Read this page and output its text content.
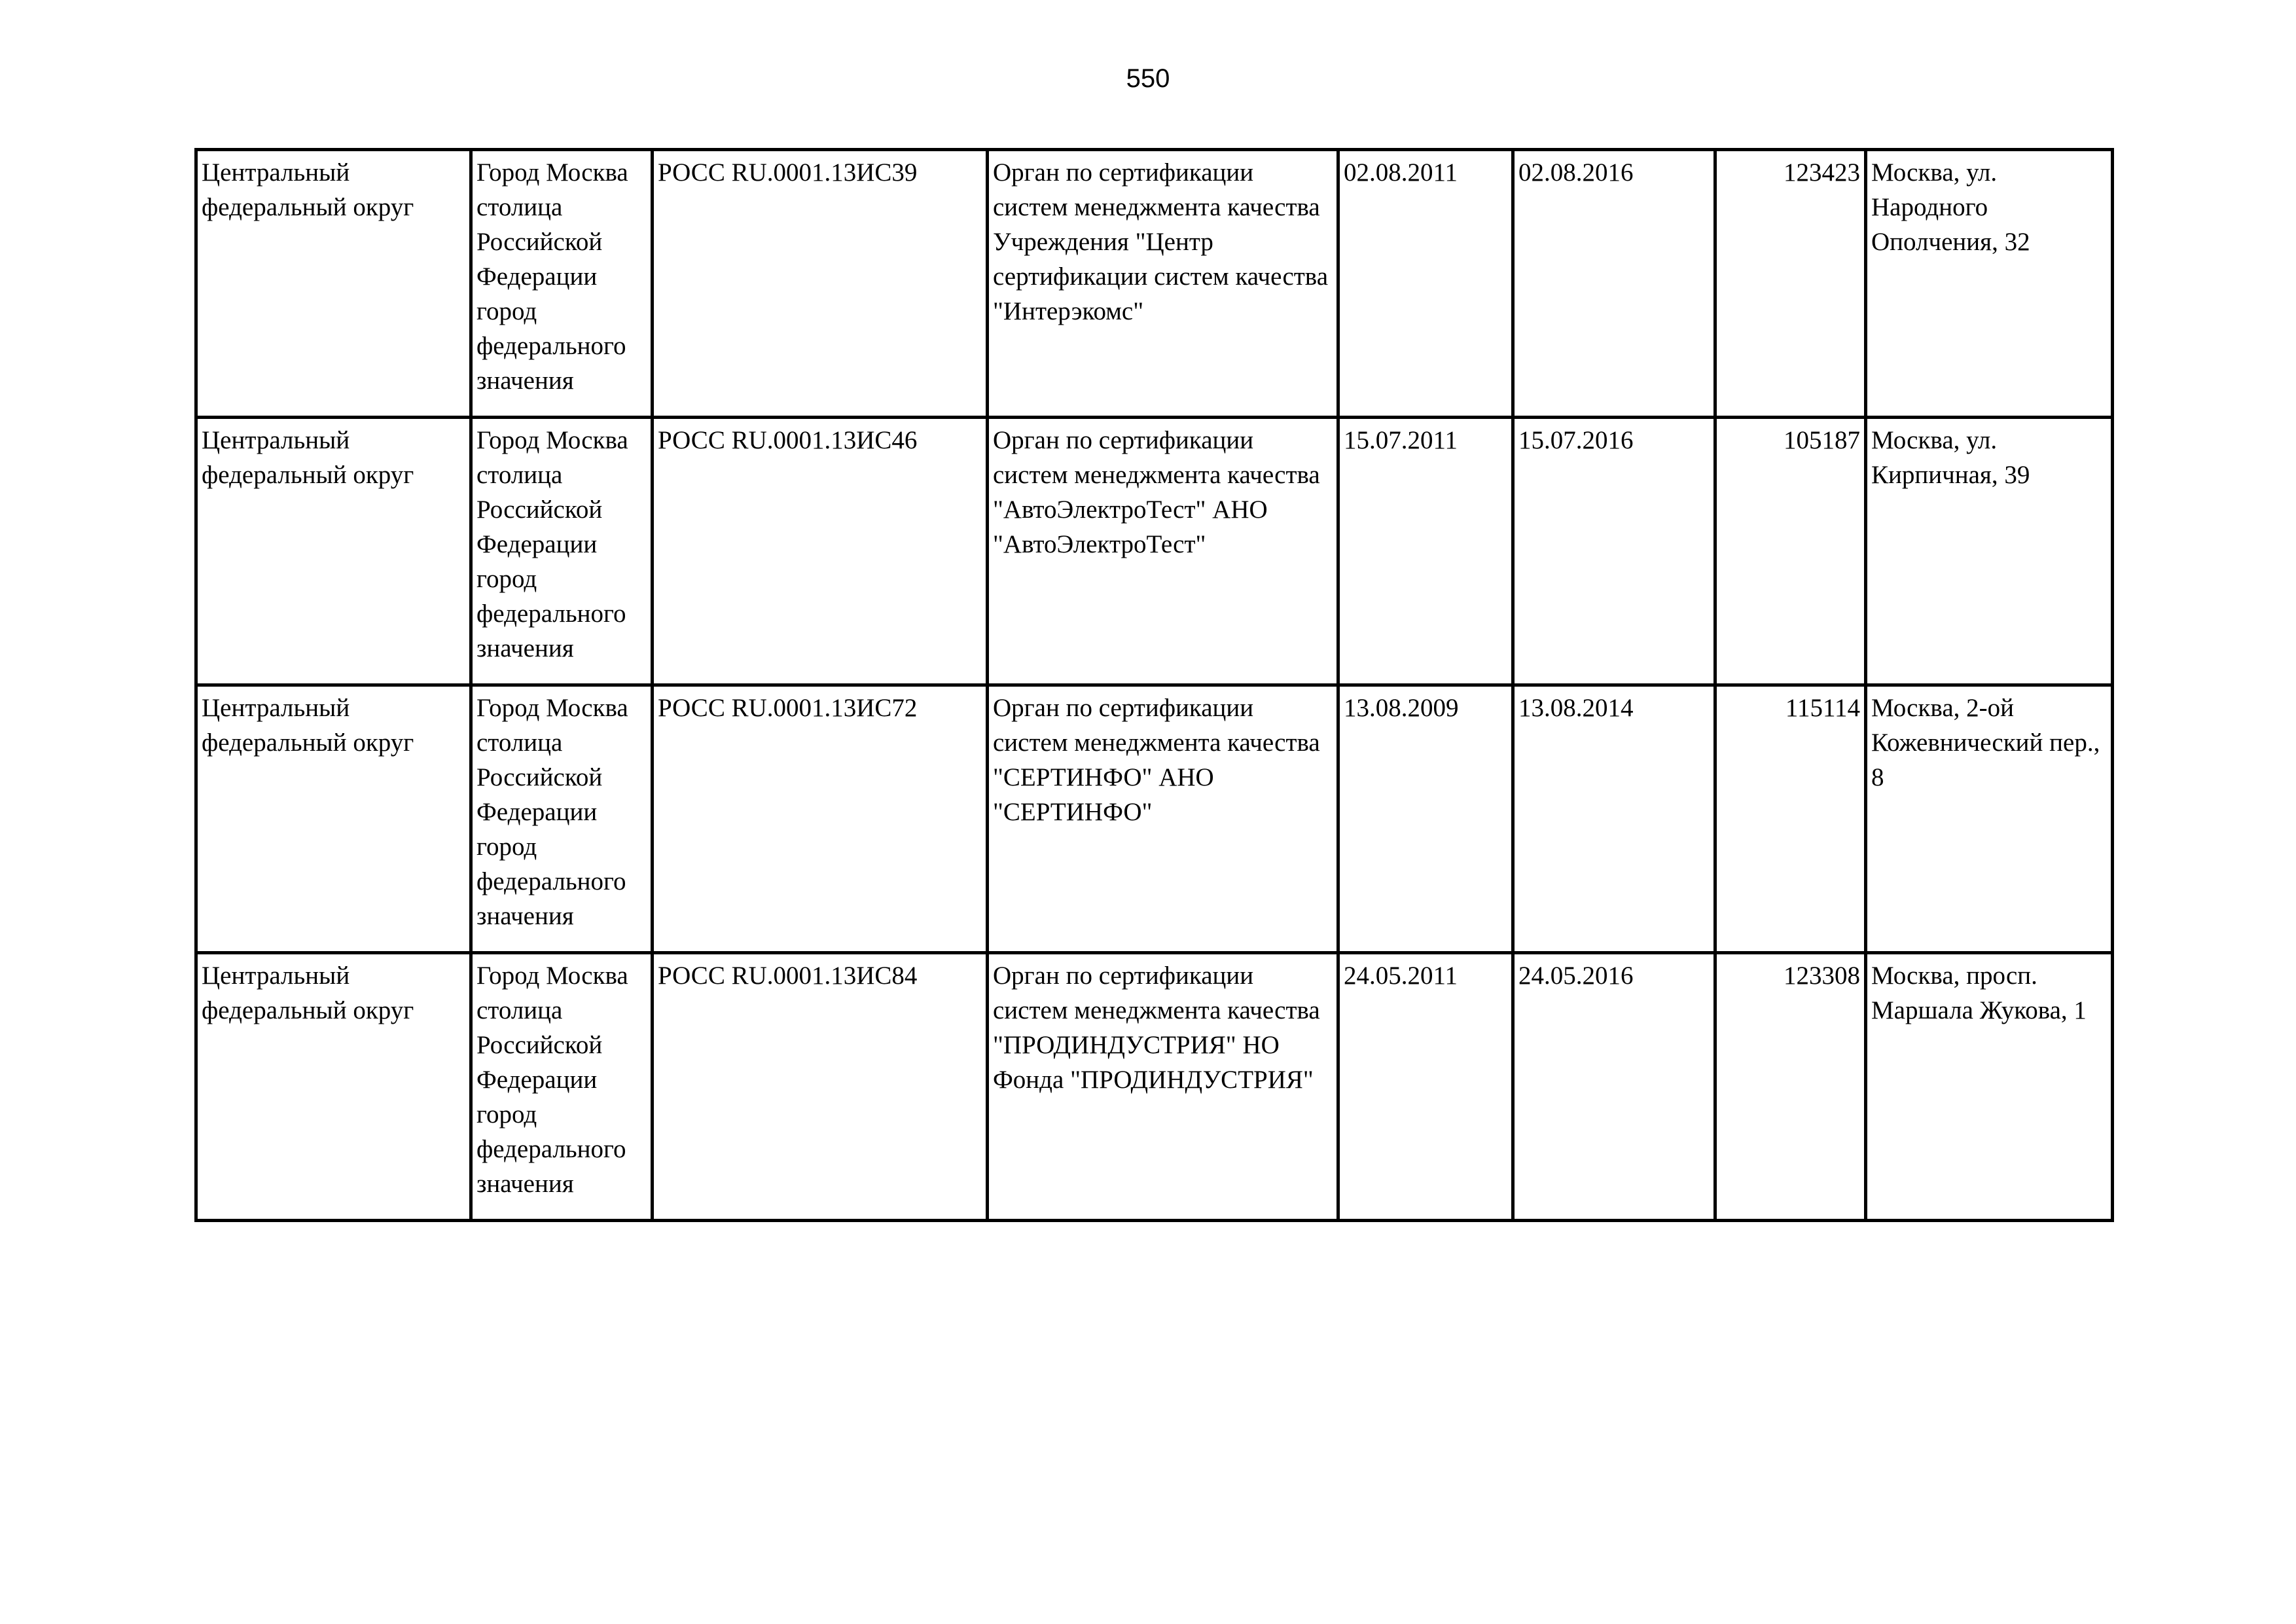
550
Центральный федеральный округ	Город Москва столица Российской Федерации город федерального значения	РОСС RU.0001.13ИС39	Орган по сертификации систем менеджмента качества Учреждения "Центр сертификации систем качества "Интерэкомс"	02.08.2011	02.08.2016	123423	Москва, ул. Народного Ополчения, 32

Центральный федеральный округ	Город Москва столица Российской Федерации город федерального значения	РОСС RU.0001.13ИС46	Орган по сертификации систем менеджмента качества "АвтоЭлектроТест" АНО "АвтоЭлектроТест"	15.07.2011	15.07.2016	105187	Москва, ул. Кирпичная, 39

Центральный федеральный округ	Город Москва столица Российской Федерации город федерального значения	РОСС RU.0001.13ИС72	Орган по сертификации систем менеджмента качества "СЕРТИНФО" АНО "СЕРТИНФО"	13.08.2009	13.08.2014	115114	Москва, 2-ой Кожевнический пер., 8

Центральный федеральный округ	Город Москва столица Российской Федерации город федерального значения	РОСС RU.0001.13ИС84	Орган по сертификации систем менеджмента качества "ПРОДИНДУСТРИЯ" НО Фонда "ПРОДИНДУСТРИЯ"	24.05.2011	24.05.2016	123308	Москва, просп. Маршала Жукова, 1
